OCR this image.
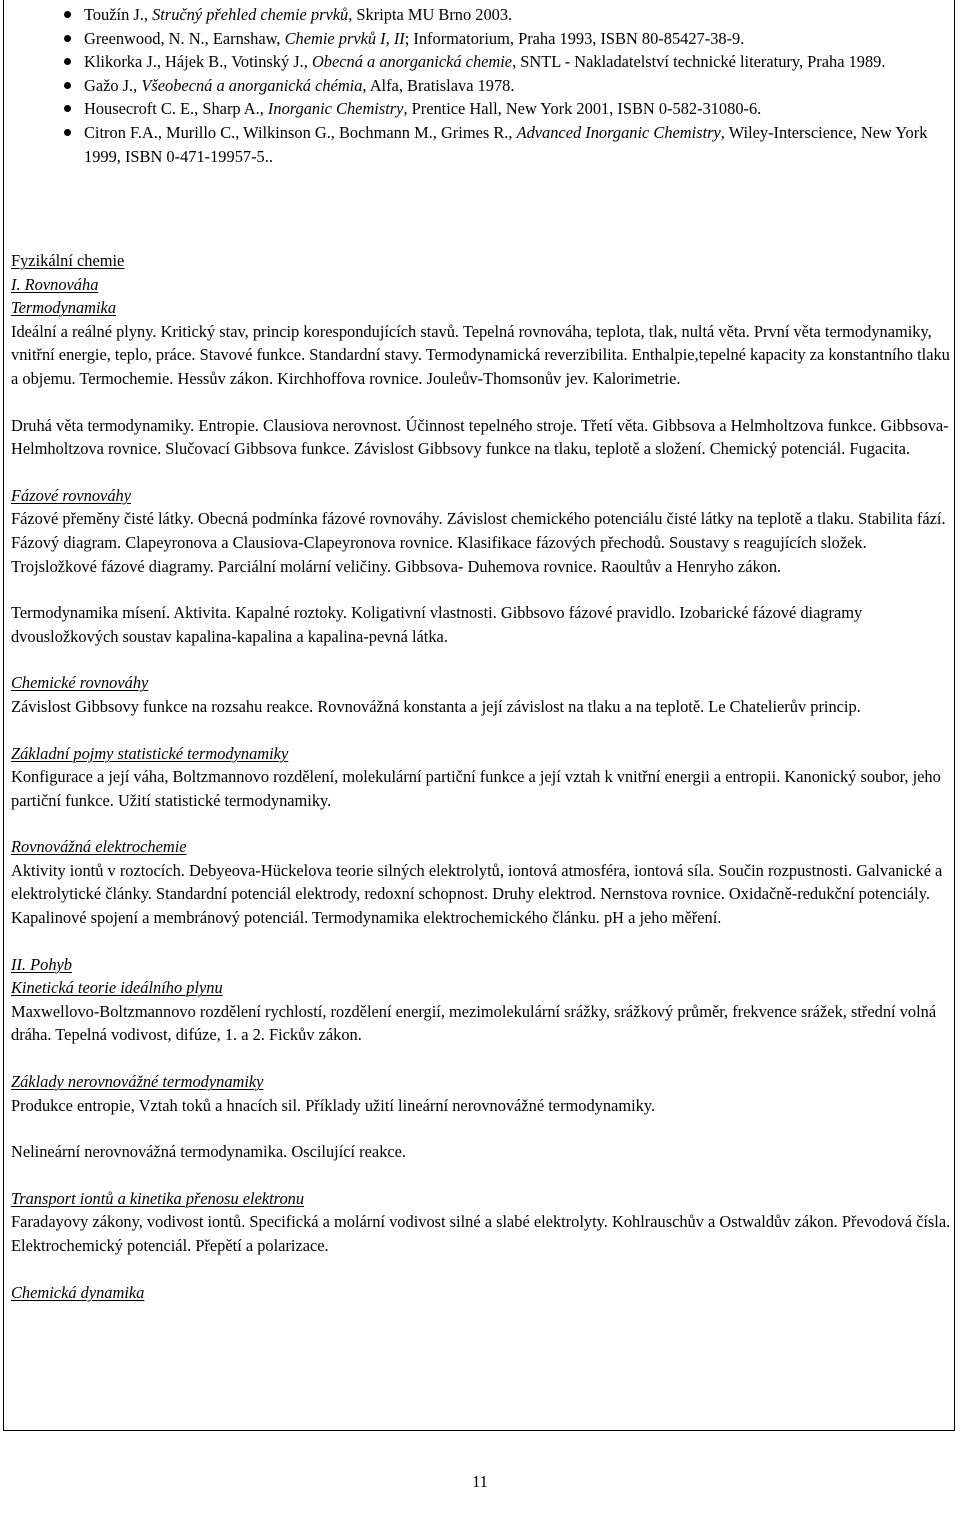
Toužín J., Stručný přehled chemie prvků, Skripta MU Brno 2003.
Greenwood, N. N., Earnshaw, Chemie prvků I, II; Informatorium, Praha 1993, ISBN 80-85427-38-9.
Klikorka J., Hájek B., Votinský J., Obecná a anorganická chemie, SNTL - Nakladatelství technické literatury, Praha 1989.
Gažo J., Všeobecná a anorganická chémia, Alfa, Bratislava 1978.
Housecroft C. E., Sharp A., Inorganic Chemistry, Prentice Hall, New York 2001, ISBN 0-582-31080-6.
Citron F.A., Murillo C., Wilkinson G., Bochmann M., Grimes R., Advanced Inorganic Chemistry, Wiley-Interscience, New York 1999, ISBN 0-471-19957-5..
Fyzikální chemie
I. Rovnováha
Termodynamika

Ideální a reálné plyny. Kritický stav, princip korespondujících stavů. Tepelná rovnováha, teplota, tlak, nultá věta. První věta termodynamiky, vnitřní energie, teplo, práce. Stavové funkce. Standardní stavy. Termodynamická reverzibilita. Enthalpie,tepelné kapacity za konstantního tlaku a objemu. Termochemie. Hessův zákon. Kirchhoffova rovnice. Jouleův-Thomsonův jev. Kalorimetrie.

Druhá věta termodynamiky. Entropie. Clausiova nerovnost. Účinnost tepelného stroje. Třetí věta. Gibbsova a Helmholtzova funkce. Gibbsova-Helmholtzova rovnice. Slučovací Gibbsova funkce. Závislost Gibbsovy funkce na tlaku, teplotě a složení. Chemický potenciál. Fugacita.

Fázové rovnováhy

Fázové přeměny čisté látky. Obecná podmínka fázové rovnováhy. Závislost chemického potenciálu čisté látky na teplotě a tlaku. Stabilita fází. Fázový diagram. Clapeyronova a Clausiova-Clapeyronova rovnice. Klasifikace fázových přechodů. Soustavy s reagujících složek. Trojsložkové fázové diagramy. Parciální molární veličiny. Gibbsova- Duhemova rovnice. Raoultův a Henryho zákon.

Termodynamika mísení. Aktivita. Kapalné roztoky. Koligativní vlastnosti. Gibbsovo fázové pravidlo. Izobarické fázové diagramy dvousložkových soustav kapalina-kapalina a kapalina-pevná látka.

Chemické rovnováhy

Závislost Gibbsovy funkce na rozsahu reakce. Rovnovážná konstanta a její závislost na tlaku a na teplotě. Le Chatelierův princip.

Základní pojmy statistické termodynamiky

Konfigurace a její váha, Boltzmannovo rozdělení, molekulární partiční funkce a její vztah k vnitřní energii a entropii. Kanonický soubor, jeho partiční funkce. Užití statistické termodynamiky.

Rovnovážná elektrochemie

Aktivity iontů v roztocích. Debyeova-Hückelova teorie silných elektrolytů, iontová atmosféra, iontová síla. Součin rozpustnosti. Galvanické a elektrolytické články. Standardní potenciál elektrody, redoxní schopnost. Druhy elektrod. Nernstova rovnice. Oxidačně-redukční potenciály. Kapalinové spojení a membránový potenciál. Termodynamika elektrochemického článku. pH a jeho měření.

II. Pohyb
Kinetická teorie ideálního plynu

Maxwellovo-Boltzmannovo rozdělení rychlostí, rozdělení energií, mezimolekulární srážky, srážkový průměr, frekvence srážek, střední volná dráha. Tepelná vodivost, difúze, 1. a 2. Fickův zákon.

Základy nerovnovážné termodynamiky

Produkce entropie, Vztah toků a hnacích sil. Příklady užití lineární nerovnovážné termodynamiky.

Nelineární nerovnovážná termodynamika. Oscilující reakce.

Transport iontů a kinetika přenosu elektronu

Faradayovy zákony, vodivost iontů. Specifická a molární vodivost silné a slabé elektrolyty. Kohlrauschův a Ostwaldův zákon. Převodová čísla. Elektrochemický potenciál. Přepětí a polarizace.

Chemická dynamika
11
